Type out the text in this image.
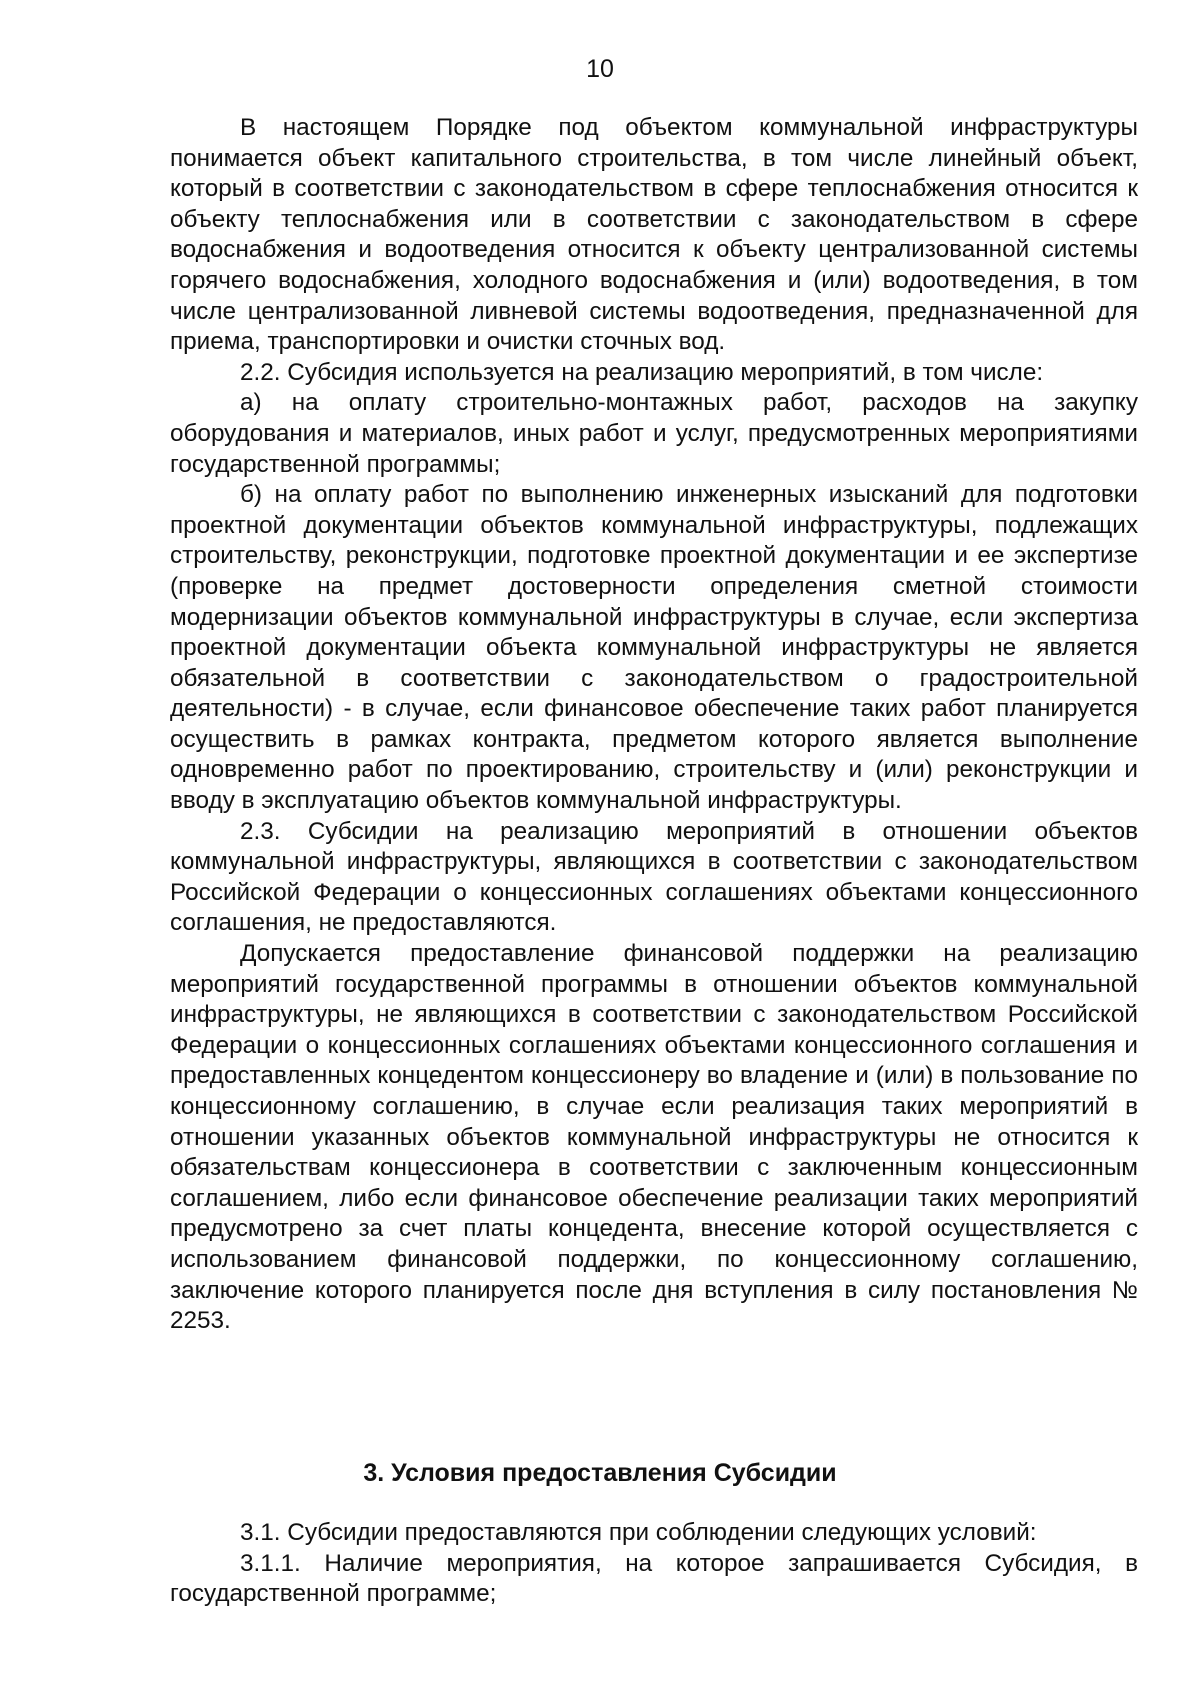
10

В настоящем Порядке под объектом коммунальной инфраструктуры понимается объект капитального строительства, в том числе линейный объект, который в соответствии с законодательством в сфере теплоснабжения относится к объекту теплоснабжения или в соответствии с законодательством в сфере водоснабжения и водоотведения относится к объекту централизованной системы горячего водоснабжения, холодного водоснабжения и (или) водоотведения, в том числе централизованной ливневой системы водоотведения, предназначенной для приема, транспортировки и очистки сточных вод.

2.2. Субсидия используется на реализацию мероприятий, в том числе:

а) на оплату строительно-монтажных работ, расходов на закупку оборудования и материалов, иных работ и услуг, предусмотренных мероприятиями государственной программы;

б) на оплату работ по выполнению инженерных изысканий для подготовки проектной документации объектов коммунальной инфраструктуры, подлежащих строительству, реконструкции, подготовке проектной документации и ее экспертизе (проверке на предмет достоверности определения сметной стоимости модернизации объектов коммунальной инфраструктуры в случае, если экспертиза проектной документации объекта коммунальной инфраструктуры не является обязательной в соответствии с законодательством о градостроительной деятельности) - в случае, если финансовое обеспечение таких работ планируется осуществить в рамках контракта, предметом которого является выполнение одновременно работ по проектированию, строительству и (или) реконструкции и вводу в эксплуатацию объектов коммунальной инфраструктуры.

2.3. Субсидии на реализацию мероприятий в отношении объектов коммунальной инфраструктуры, являющихся в соответствии с законодательством Российской Федерации о концессионных соглашениях объектами концессионного соглашения, не предоставляются.

Допускается предоставление финансовой поддержки на реализацию мероприятий государственной программы в отношении объектов коммунальной инфраструктуры, не являющихся в соответствии с законодательством Российской Федерации о концессионных соглашениях объектами концессионного соглашения и предоставленных концедентом концессионеру во владение и (или) в пользование по концессионному соглашению, в случае если реализация таких мероприятий в отношении указанных объектов коммунальной инфраструктуры не относится к обязательствам концессионера в соответствии с заключенным концессионным соглашением, либо если финансовое обеспечение реализации таких мероприятий предусмотрено за счет платы концедента, внесение которой осуществляется с использованием финансовой поддержки, по концессионному соглашению, заключение которого планируется после дня вступления в силу постановления № 2253.

3. Условия предоставления Субсидии

3.1. Субсидии предоставляются при соблюдении следующих условий:

3.1.1. Наличие мероприятия, на которое запрашивается Субсидия, в государственной программе;
